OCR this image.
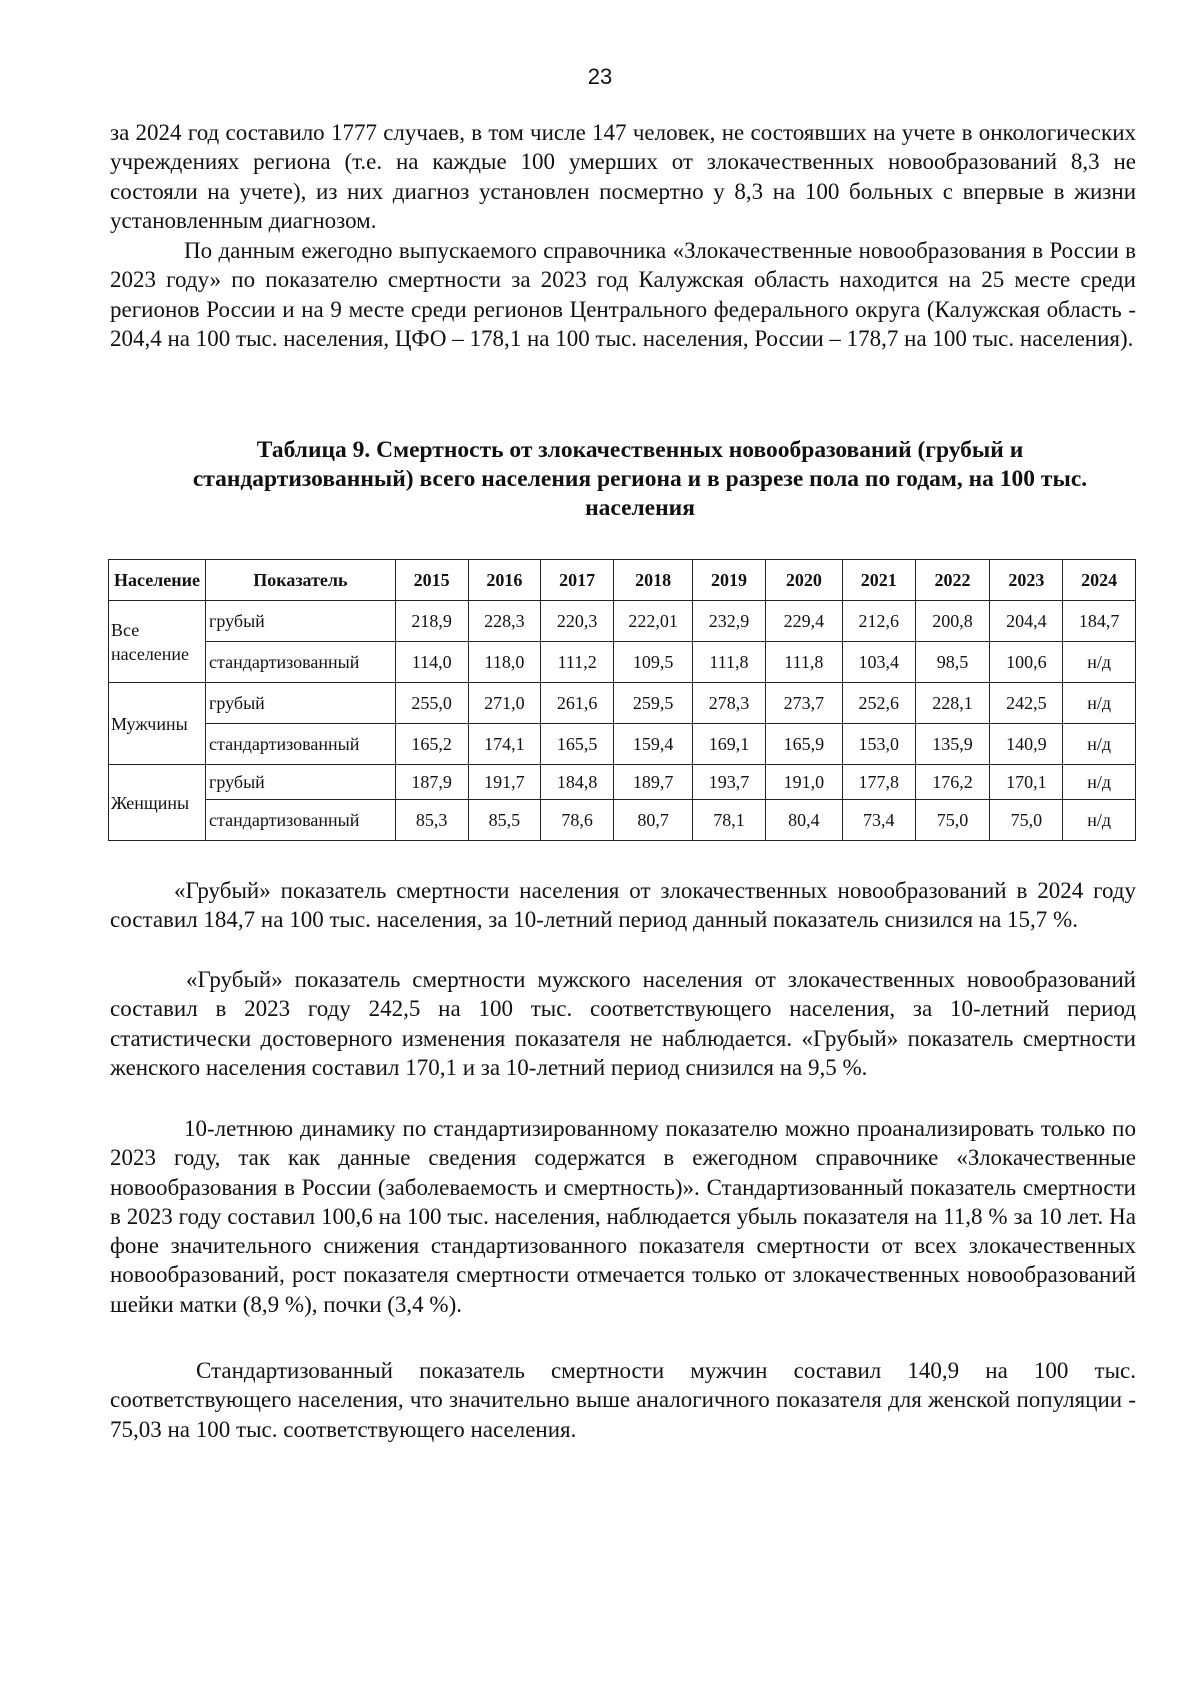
23

за 2024 год составило 1777 случаев, в том числе 147 человек, не состоявших на учете в онкологических учреждениях региона (т.е. на каждые 100 умерших от злокачественных новообразований 8,3 не состояли на учете), из них диагноз установлен посмертно у 8,3 на 100 больных с впервые в жизни установленным диагнозом.

По данным ежегодно выпускаемого справочника «Злокачественные новообразования в России в 2023 году» по показателю смертности за 2023 год Калужская область находится на 25 месте среди регионов России и на 9 месте среди регионов Центрального федерального округа (Калужская область - 204,4 на 100 тыс. населения, ЦФО – 178,1 на 100 тыс. населения, России – 178,7 на 100 тыс. населения).

Таблица 9. Смертность от злокачественных новообразований (грубый и стандартизованный) всего населения региона и в разрезе пола по годам, на 100 тыс. населения

Население	Показатель	2015	2016	2017	2018	2019	2020	2021	2022	2023	2024
Все население	грубый	218,9	228,3	220,3	222,01	232,9	229,4	212,6	200,8	204,4	184,7
	стандартизованный	114,0	118,0	111,2	109,5	111,8	111,8	103,4	98,5	100,6	н/д
Мужчины	грубый	255,0	271,0	261,6	259,5	278,3	273,7	252,6	228,1	242,5	н/д
	стандартизованный	165,2	174,1	165,5	159,4	169,1	165,9	153,0	135,9	140,9	н/д
Женщины	грубый	187,9	191,7	184,8	189,7	193,7	191,0	177,8	176,2	170,1	н/д
	стандартизованный	85,3	85,5	78,6	80,7	78,1	80,4	73,4	75,0	75,0	н/д

«Грубый» показатель смертности населения от злокачественных новообразований в 2024 году составил 184,7 на 100 тыс. населения, за 10-летний период данный показатель снизился на 15,7 %.

«Грубый» показатель смертности мужского населения от злокачественных новообразований составил в 2023 году 242,5 на 100 тыс. соответствующего населения, за 10-летний период статистически достоверного изменения показателя не наблюдается. «Грубый» показатель смертности женского населения составил 170,1 и за 10-летний период снизился на 9,5 %.

10-летнюю динамику по стандартизированному показателю можно проанализировать только по 2023 году, так как данные сведения содержатся в ежегодном справочнике «Злокачественные новообразования в России (заболеваемость и смертность)». Стандартизованный показатель смертности в 2023 году составил 100,6 на 100 тыс. населения, наблюдается убыль показателя на 11,8 % за 10 лет. На фоне значительного снижения стандартизованного показателя смертности от всех злокачественных новообразований, рост показателя смертности отмечается только от злокачественных новообразований шейки матки (8,9 %), почки (3,4 %).

Стандартизованный показатель смертности мужчин составил 140,9 на 100 тыс. соответствующего населения, что значительно выше аналогичного показателя для женской популяции - 75,03 на 100 тыс. соответствующего населения.
